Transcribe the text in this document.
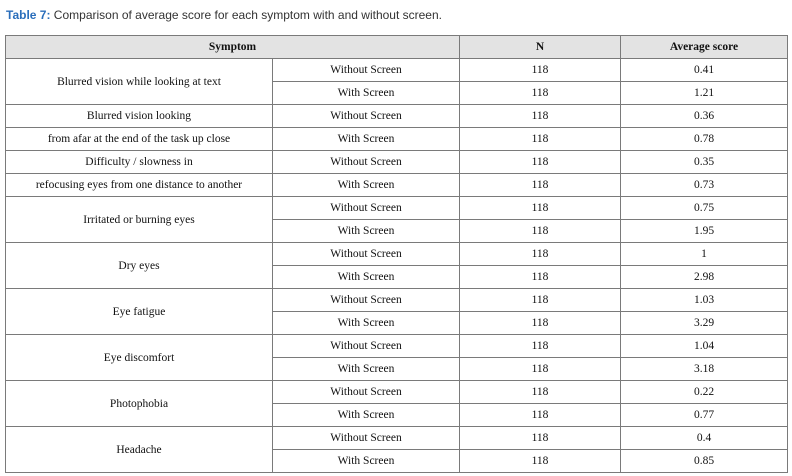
Table 7: Comparison of average score for each symptom with and without screen.
Symptom		N	Average score
Blurred vision while looking at text	Without Screen	118	0.41
	With Screen	118	1.21
Blurred vision looking	Without Screen	118	0.36
from afar at the end of the task up close	With Screen	118	0.78
Difficulty / slowness in	Without Screen	118	0.35
refocusing eyes from one distance to another	With Screen	118	0.73
Irritated or burning eyes	Without Screen	118	0.75
	With Screen	118	1.95
Dry eyes	Without Screen	118	1
	With Screen	118	2.98
Eye fatigue	Without Screen	118	1.03
	With Screen	118	3.29
Eye discomfort	Without Screen	118	1.04
	With Screen	118	3.18
Photophobia	Without Screen	118	0.22
	With Screen	118	0.77
Headache	Without Screen	118	0.4
	With Screen	118	0.85
